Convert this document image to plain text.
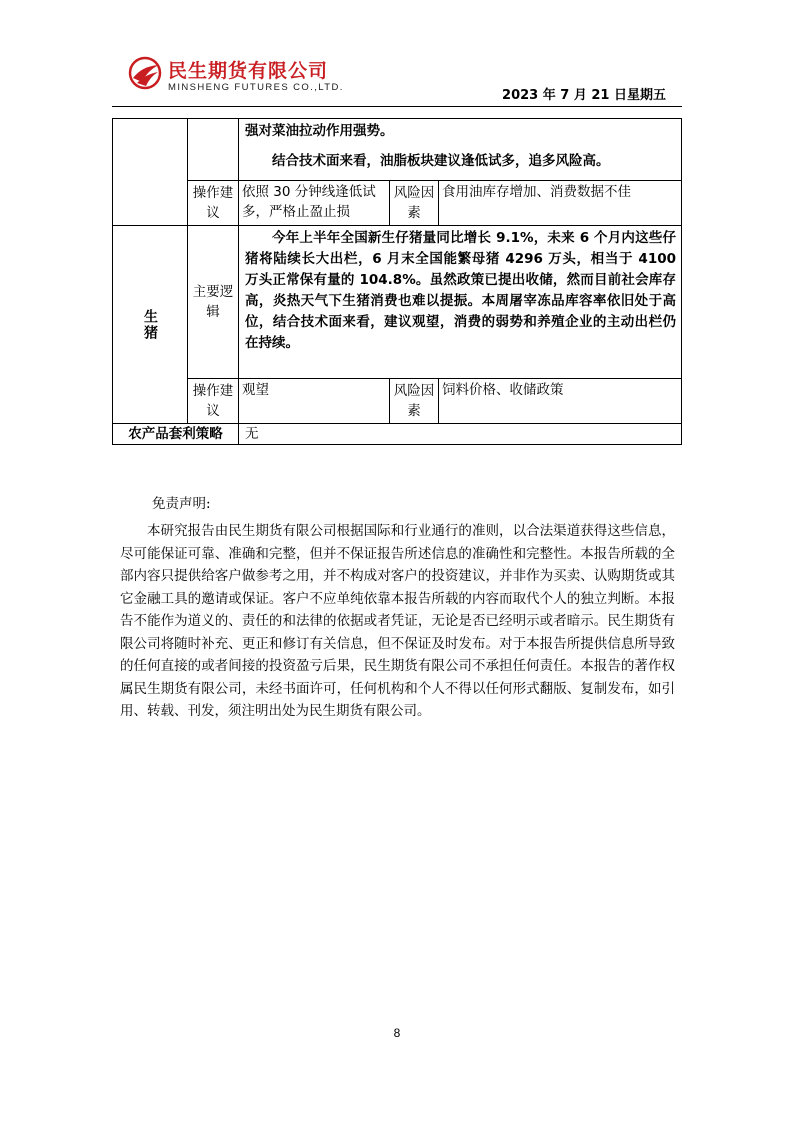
民生期货有限公司
MINSHENG FUTURES CO.,LTD.
2023 年 7 月 21 日星期五

		强对菜油拉动作用强势。

结合技术面来看，油脂板块建议逢低试多，追多风险高。		

	操作建议	依照 30 分钟线逢低试多，严格止盈止损	风险因素	食用油库存增加、消费数据不佳
生猪	主要逻辑	今年上半年全国新生仔猪量同比增长 9.1%，未来 6 个月内这些仔猪将陆续长大出栏，6 月末全国能繁母猪 4296 万头，相当于 4100 万头正常保有量的 104.8%。虽然政策已提出收储，然而目前社会库存高，炎热天气下生猪消费也难以提振。本周屠宰冻品库容率依旧处于高位，结合技术面来看，建议观望，消费的弱势和养殖企业的主动出栏仍在持续。		

	操作建议	观望	风险因素	饲料价格、收储政策
农产品套利策略		无		

免责声明:

本研究报告由民生期货有限公司根据国际和行业通行的准则，以合法渠道获得这些信息，尽可能保证可靠、准确和完整，但并不保证报告所述信息的准确性和完整性。本报告所载的全部内容只提供给客户做参考之用，并不构成对客户的投资建议，并非作为买卖、认购期货或其它金融工具的邀请或保证。客户不应单纯依靠本报告所载的内容而取代个人的独立判断。本报告不能作为道义的、责任的和法律的依据或者凭证，无论是否已经明示或者暗示。民生期货有限公司将随时补充、更正和修订有关信息，但不保证及时发布。对于本报告所提供信息所导致的任何直接的或者间接的投资盈亏后果，民生期货有限公司不承担任何责任。本报告的著作权属民生期货有限公司，未经书面许可，任何机构和个人不得以任何形式翻版、复制发布，如引用、转载、刊发，须注明出处为民生期货有限公司。

8
